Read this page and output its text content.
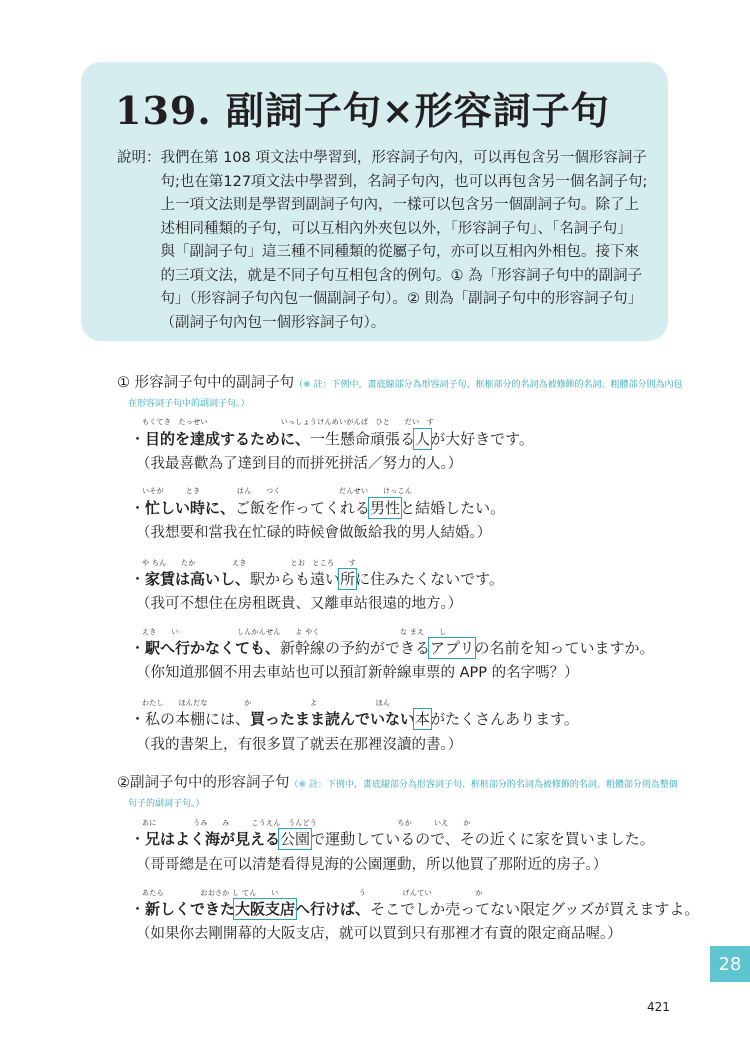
139. 副詞子句×形容詞子句
說明： 我們在第 108 項文法中學習到，形容詞子句內，可以再包含另一個形容詞子
句;也在第127項文法中學習到，名詞子句內，也可以再包含另一個名詞子句;
上一項文法則是學習到副詞子句內，一樣可以包含另一個副詞子句。除了上
述相同種類的子句，可以互相內外夾包以外，「形容詞子句」、「名詞子句」
與「副詞子句」這三種不同種類的從屬子句，亦可以互相內外相包。接下來
的三項文法，就是不同子句互相包含的例句。① 為「形容詞子句中的副詞子
句」（形容詞子句內包一個副詞子句）。② 則為「副詞子句中的形容詞子句」
（副詞子句內包一個形容詞子句）。
① 形容詞子句中的副詞子句（※ 註：下例中，畫底線部分為形容詞子句、框框部分的名詞為被修飾的名詞。粗體部分則為內包
在形容詞子句中的副詞子句。）
もくてき　たっせい　　　　　　　　　　いっしょうけんめいがんば　ひと　　だい　す
・目的を達成するために、一生懸命頑張る人が大好きです。
（我最喜歡為了達到目的而拼死拼活／努力的人。）
いそが　　　とき　　　　　はん　　つく　　　　　　　　だんせい　　けっこん
・忙しい時に、ご飯を作ってくれる男性と結婚したい。
（我想要和當我在忙碌的時候會做飯給我的男人結婚。）
や ちん　　たか　　　　　えき　　　　　　とお　ところ　　す
・家賃は高いし、駅からも遠い所に住みたくないです。
（我可不想住在房租既貴、又離車站很遠的地方。）
えき　　い　　　　　　　　しんかんせん　　よ やく　　　　　　　　　　　な まえ　　し
・駅へ行かなくても、新幹線の予約ができるアプリの名前を知っていますか。
（你知道那個不用去車站也可以預訂新幹線車票的 APP 的名字嗎？）
わたし　　ほんだな　　　　　か　　　　　　　　よ　　　　　　　　ほん
・私の本棚には、買ったまま読んでいない本がたくさんあります。
（我的書架上，有很多買了就丟在那裡沒讀的書。）
②副詞子句中的形容詞子句（※ 註：下例中，畫底線部分為形容詞子句、框框部分的名詞為被修飾的名詞。粗體部分則為整個
句子的副詞子句。）
あに　　　　　うみ　　み　　　こうえん　うんどう　　　　　　　　　　　ちか　　　いえ　　か
・兄はよく海が見える公園で運動しているので、その近くに家を買いました。
（哥哥總是在可以清楚看得見海的公園運動，所以他買了那附近的房子。）
あたら　　　　　おおさか し てん　　い　　　　　　　　　　　う　　　　　げんてい　　　　　　か
・新しくできた大阪支店へ行けば、そこでしか売ってない限定グッズが買えますよ。
（如果你去剛開幕的大阪支店，就可以買到只有那裡才有賣的限定商品喔。）
28
421
